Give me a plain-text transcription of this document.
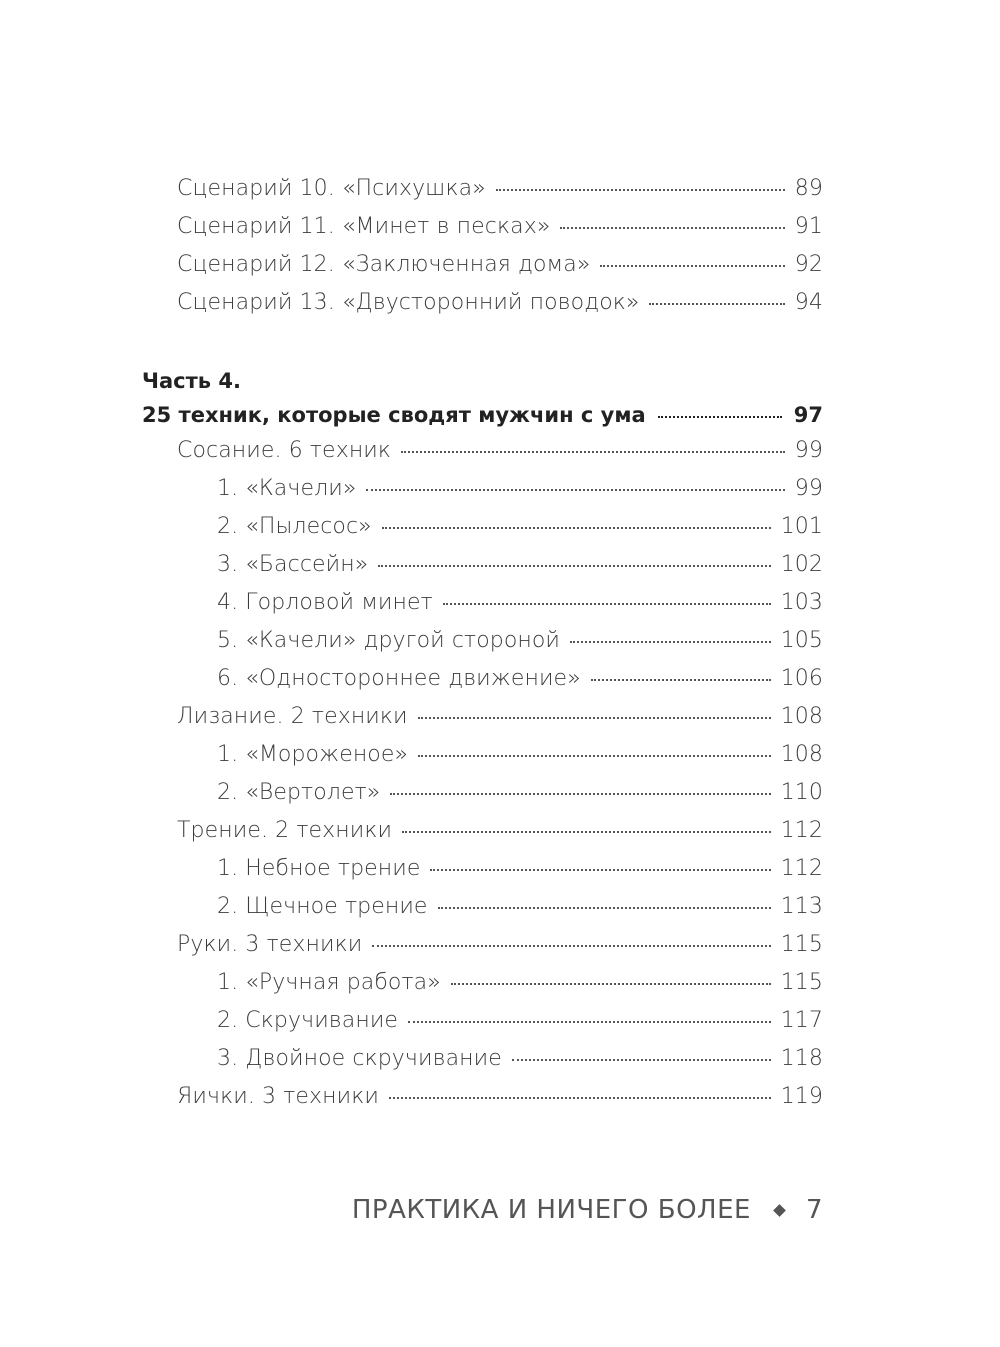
Сценарий 10. «Психушка»	89
Сценарий 11. «Минет в песках»	91
Сценарий 12. «Заключенная дома»	92
Сценарий 13. «Двусторонний поводок»	94
Часть 4.
25 техник, которые сводят мужчин с ума	97
Сосание. 6 техник	99
1. «Качели»	99
2. «Пылесос»	101
3. «Бассейн»	102
4. Горловой минет	103
5. «Качели» другой стороной	105
6. «Одностороннее движение»	106
Лизание. 2 техники	108
1. «Мороженое»	108
2. «Вертолет»	110
Трение. 2 техники	112
1. Небное трение	112
2. Щечное трение	113
Руки. 3 техники	115
1. «Ручная работа»	115
2. Скручивание	117
3. Двойное скручивание	118
Яички. 3 техники	119
ПРАКТИКА И НИЧЕГО БОЛЕЕ 7
